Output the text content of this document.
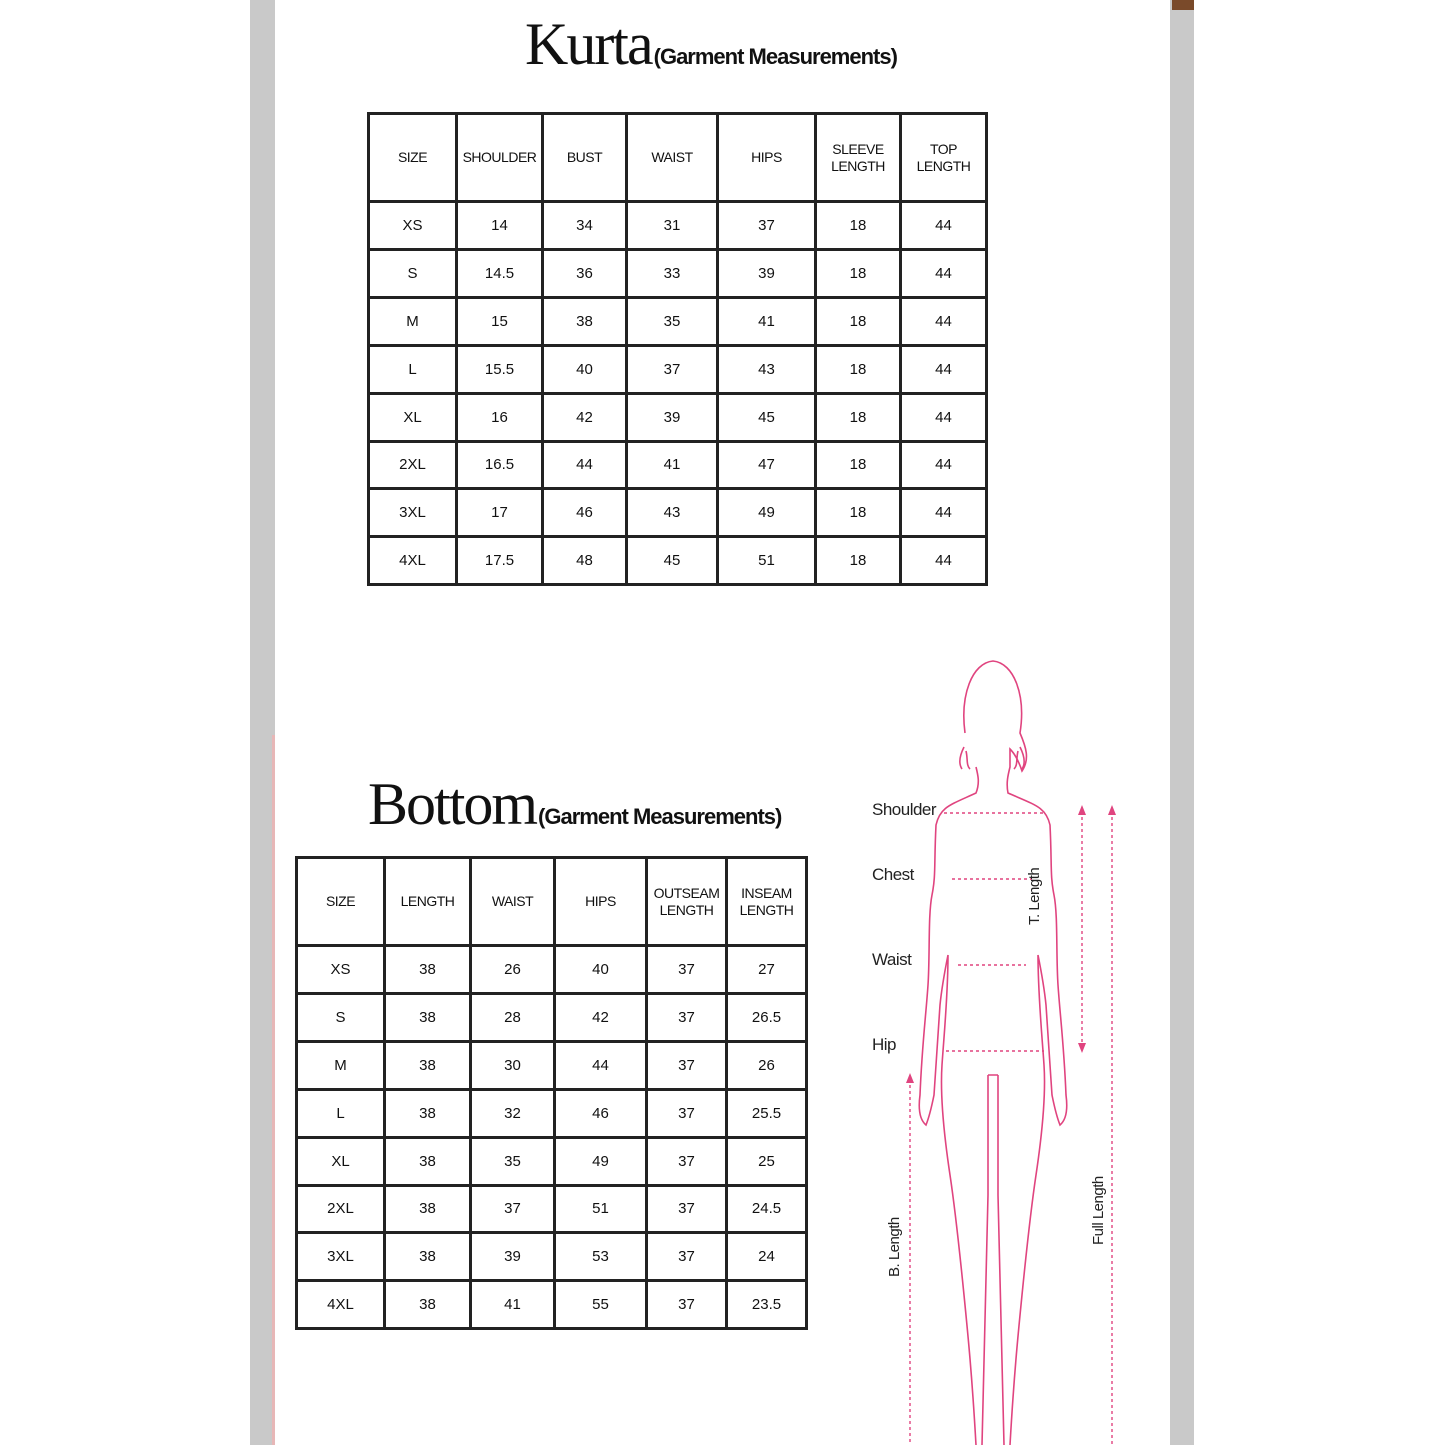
Kurta(Garment Measurements)
SIZE	SHOULDER	BUST	WAIST	HIPS	SLEEVE LENGTH	TOP LENGTH
XS	14	34	31	37	18	44
S	14.5	36	33	39	18	44
M	15	38	35	41	18	44
L	15.5	40	37	43	18	44
XL	16	42	39	45	18	44
2XL	16.5	44	41	47	18	44
3XL	17	46	43	49	18	44
4XL	17.5	48	45	51	18	44
Bottom(Garment Measurements)
SIZE	LENGTH	WAIST	HIPS	OUTSEAM LENGTH	INSEAM LENGTH
XS	38	26	40	37	27
S	38	28	42	37	26.5
M	38	30	44	37	26
L	38	32	46	37	25.5
XL	38	35	49	37	25
2XL	38	37	51	37	24.5
3XL	38	39	53	37	24
4XL	38	41	55	37	23.5
Shoulder
Chest
Waist
Hip
T. Length
Full Length
B. Length
